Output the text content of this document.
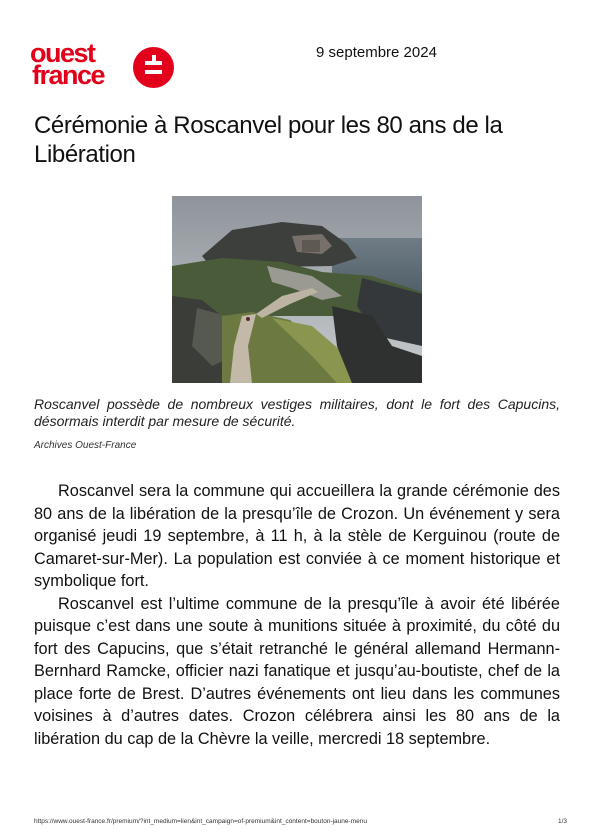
ouest
france
9 septembre 2024
Cérémonie à Roscanvel pour les 80 ans de la Libération

Roscanvel possède de nombreux vestiges militaires, dont le fort des Capucins, désormais interdit par mesure de sécurité.

Archives Ouest-France

Roscanvel sera la commune qui accueillera la grande cérémonie des 80 ans de la libération de la presqu’île de Crozon. Un événement y sera organisé jeudi 19 septembre, à 11 h, à la stèle de Kerguinou (route de Camaret-sur-Mer). La population est conviée à ce moment historique et symbolique fort.

Roscanvel est l’ultime commune de la presqu’île à avoir été libérée puisque c’est dans une soute à munitions située à proximité, du côté du fort des Capucins, que s’était retranché le général allemand Hermann-Bernhard Ramcke, officier nazi fanatique et jusqu’au-boutiste, chef de la place forte de Brest. D’autres événements ont lieu dans les communes voisines à d’autres dates. Crozon célébrera ainsi les 80 ans de la libération du cap de la Chèvre la veille, mercredi 18 septembre.

https://www.ouest-france.fr/premium/?int_medium=lien&int_campaign=of-premium&int_content=bouton-jaune-menu	1/3
